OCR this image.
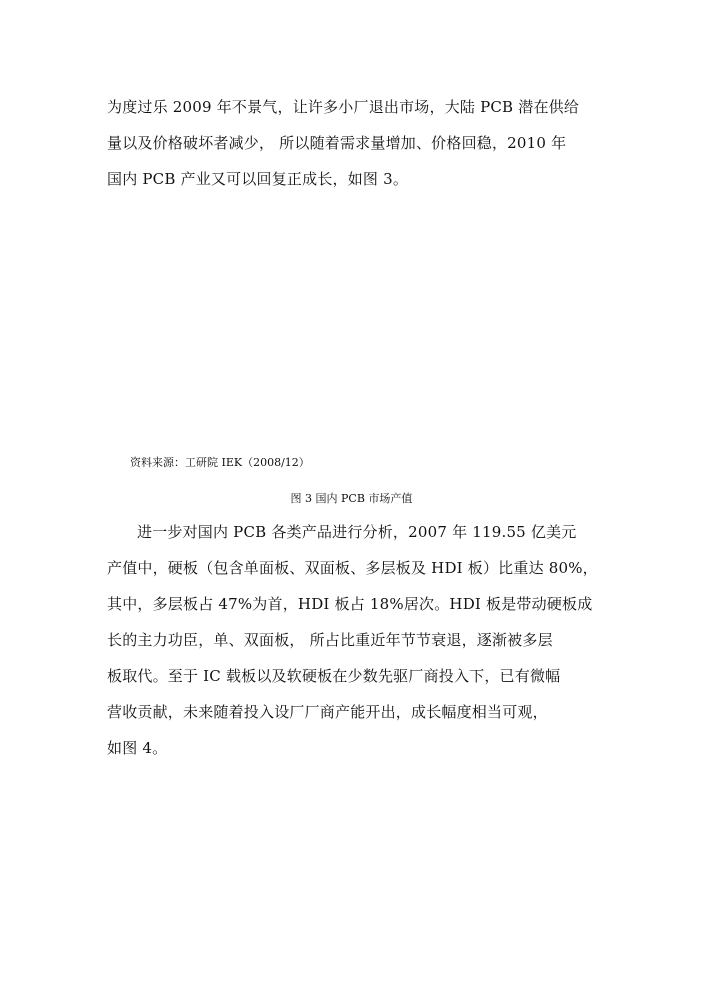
为度过乐 2009 年不景气，让许多小厂退出市场，大陆 PCB 潜在供给
量以及价格破坏者减少， 所以随着需求量增加、价格回稳，2010 年
国内 PCB 产业又可以回复正成长，如图 3。
资料来源：工研院 IEK（2008/12）
图 3 国内 PCB 市场产值
进一步对国内 PCB 各类产品进行分析，2007 年 119.55 亿美元
产值中，硬板（包含单面板、双面板、多层板及 HDI 板）比重达 80%，
其中，多层板占 47%为首，HDI 板占 18%居次。HDI 板是带动硬板成
长的主力功臣，单、双面板， 所占比重近年节节衰退，逐渐被多层
板取代。至于 IC 载板以及软硬板在少数先驱厂商投入下，已有微幅
营收贡献，未来随着投入设厂厂商产能开出，成长幅度相当可观，
如图 4。
